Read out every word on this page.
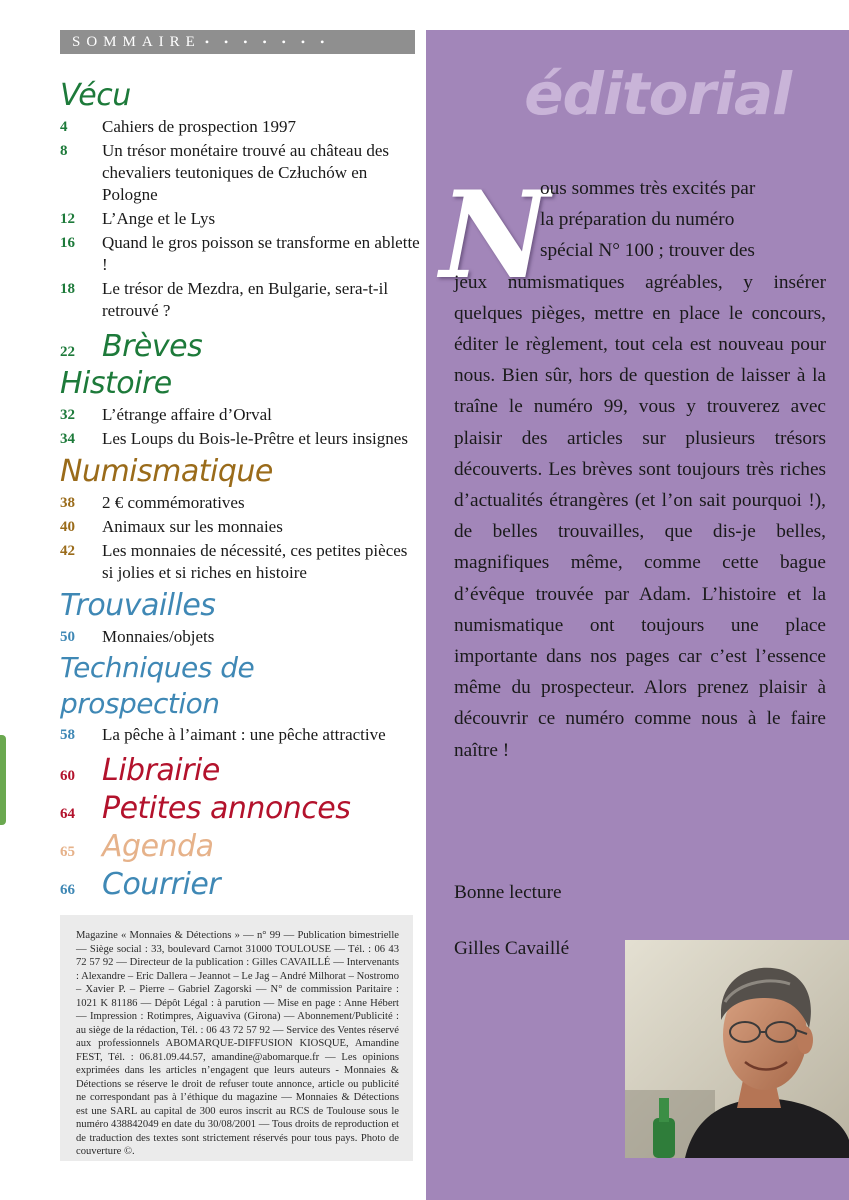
SOMMAIRE • • • • • • •
Vécu
4	Cahiers de prospection 1997
8	Un trésor monétaire trouvé au château des chevaliers teutoniques de Człuchów en Pologne
12	L’Ange et le Lys
16	Quand le gros poisson se transforme en ablette !
18	Le trésor de Mezdra, en Bulgarie, sera-t-il retrouvé ?
22 Brèves
Histoire
32	L’étrange affaire d’Orval
34	Les Loups du Bois-le-Prêtre et leurs insignes
Numismatique
38	2 € commémoratives
40	Animaux sur les monnaies
42	Les monnaies de nécessité, ces petites pièces si jolies et si riches en histoire
Trouvailles
50	Monnaies/objets
Techniques de prospection
58	La pêche à l’aimant : une pêche attractive
60 Librairie
64 Petites annonces
65 Agenda
66 Courrier
Magazine « Monnaies & Détections » — n° 99 — Publication bimestrielle — Siège social : 33, boulevard Carnot 31000 TOULOUSE — Tél. : 06 43 72 57 92 — Directeur de la publication : Gilles CAVAILLÉ — Intervenants : Alexandre – Eric Dallera – Jeannot – Le Jag – André Milhorat – Nostromo – Xavier P. – Pierre – Gabriel Zagorski — N° de commission Paritaire : 1021 K 81186 — Dépôt Légal : à parution — Mise en page : Anne Hébert — Impression : Rotimpres, Aiguaviva (Girona) — Abonnement/Publicité : au siège de la rédaction, Tél. : 06 43 72 57 92 — Service des Ventes réservé aux professionnels ABOMARQUE-DIFFUSION KIOSQUE, Amandine FEST, Tél. : 06.81.09.44.57, amandine@abomarque.fr — Les opinions exprimées dans les articles n’engagent que leurs auteurs - Monnaies & Détections se réserve le droit de refuser toute annonce, article ou publicité ne correspondant pas à l’éthique du magazine — Monnaies & Détections est une SARL au capital de 300 euros inscrit au RCS de Toulouse sous le numéro 438842049 en date du 30/08/2001 — Tous droits de reproduction et de traduction des textes sont strictement réservés pour tous pays. Photo de couverture ©.
éditorial
N
ous sommes très excités par
la préparation du numéro
spécial N° 100 ; trouver des
jeux numismatiques agréables, y insérer quelques pièges, mettre en place le concours, éditer le règlement, tout cela est nouveau pour nous. Bien sûr, hors de question de laisser à la traîne le numéro 99, vous y trouverez avec plaisir des articles sur plusieurs trésors découverts. Les brèves sont toujours très riches d’actualités étrangères (et l’on sait pourquoi !), de belles trouvailles, que dis-je belles, magnifiques même, comme cette bague d’évêque trouvée par Adam. L’histoire et la numismatique ont toujours une place importante dans nos pages car c’est l’essence même du prospecteur. Alors prenez plaisir à découvrir ce numéro comme nous à le faire naître !
Bonne lecture
Gilles Cavaillé
